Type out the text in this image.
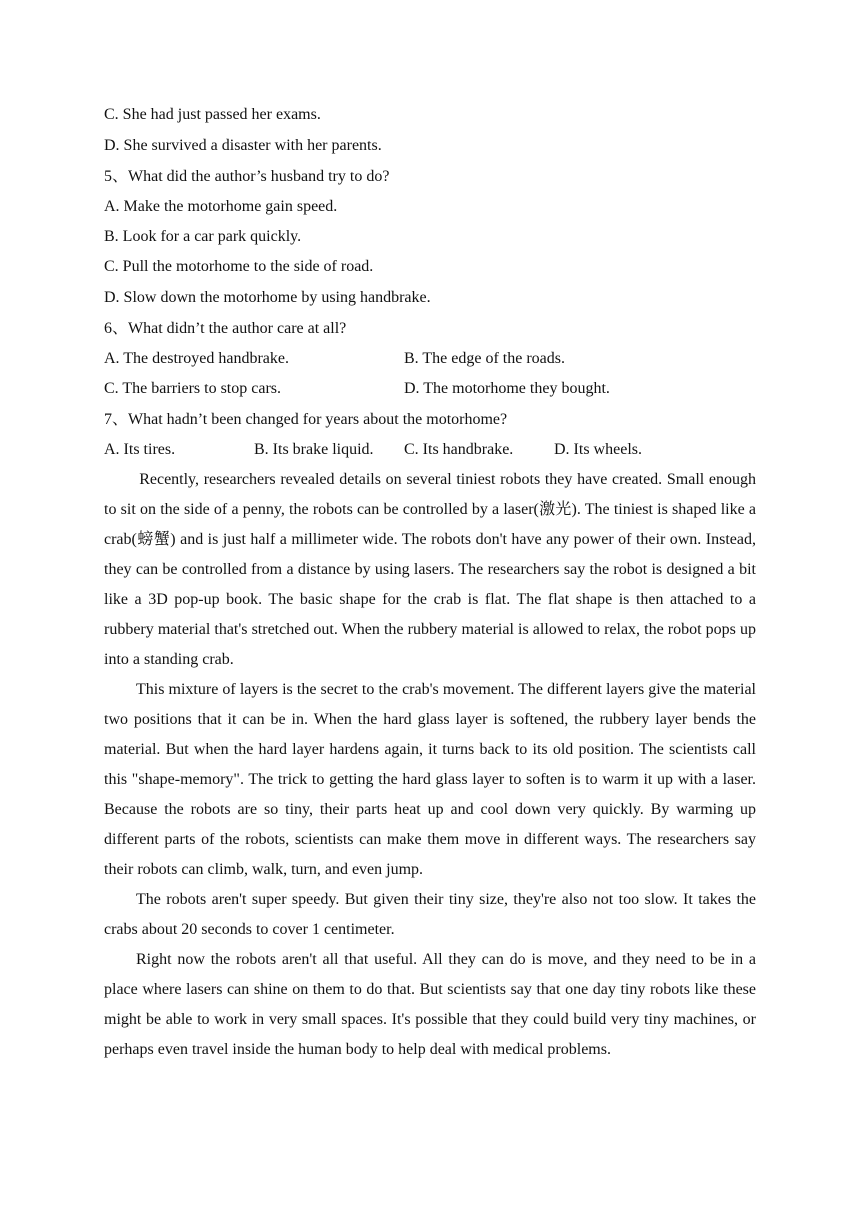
C. She had just passed her exams.
D. She survived a disaster with her parents.
5、What did the author’s husband try to do?
A. Make the motorhome gain speed.
B. Look for a car park quickly.
C. Pull the motorhome to the side of road.
D. Slow down the motorhome by using handbrake.
6、What didn’t the author care at all?
A. The destroyed handbrake.	B. The edge of the roads.
C. The barriers to stop cars.	D. The motorhome they bought.
7、What hadn’t been changed for years about the motorhome?
A. Its tires.	B. Its brake liquid. C. Its handbrake.	D. Its wheels.

Recently, researchers revealed details on several tiniest robots they have created. Small enough to sit on the side of a penny, the robots can be controlled by a laser(激光). The tiniest is shaped like a crab(螃蟹) and is just half a millimeter wide. The robots don't have any power of their own. Instead, they can be controlled from a distance by using lasers. The researchers say the robot is designed a bit like a 3D pop-up book. The basic shape for the crab is flat. The flat shape is then attached to a rubbery material that's stretched out. When the rubbery material is allowed to relax, the robot pops up into a standing crab.

This mixture of layers is the secret to the crab's movement. The different layers give the material two positions that it can be in. When the hard glass layer is softened, the rubbery layer bends the material. But when the hard layer hardens again, it turns back to its old position. The scientists call this "shape-memory". The trick to getting the hard glass layer to soften is to warm it up with a laser. Because the robots are so tiny, their parts heat up and cool down very quickly. By warming up different parts of the robots, scientists can make them move in different ways. The researchers say their robots can climb, walk, turn, and even jump.

The robots aren't super speedy. But given their tiny size, they're also not too slow. It takes the crabs about 20 seconds to cover 1 centimeter.

Right now the robots aren't all that useful. All they can do is move, and they need to be in a place where lasers can shine on them to do that. But scientists say that one day tiny robots like these might be able to work in very small spaces. It's possible that they could build very tiny machines, or perhaps even travel inside the human body to help deal with medical problems.
